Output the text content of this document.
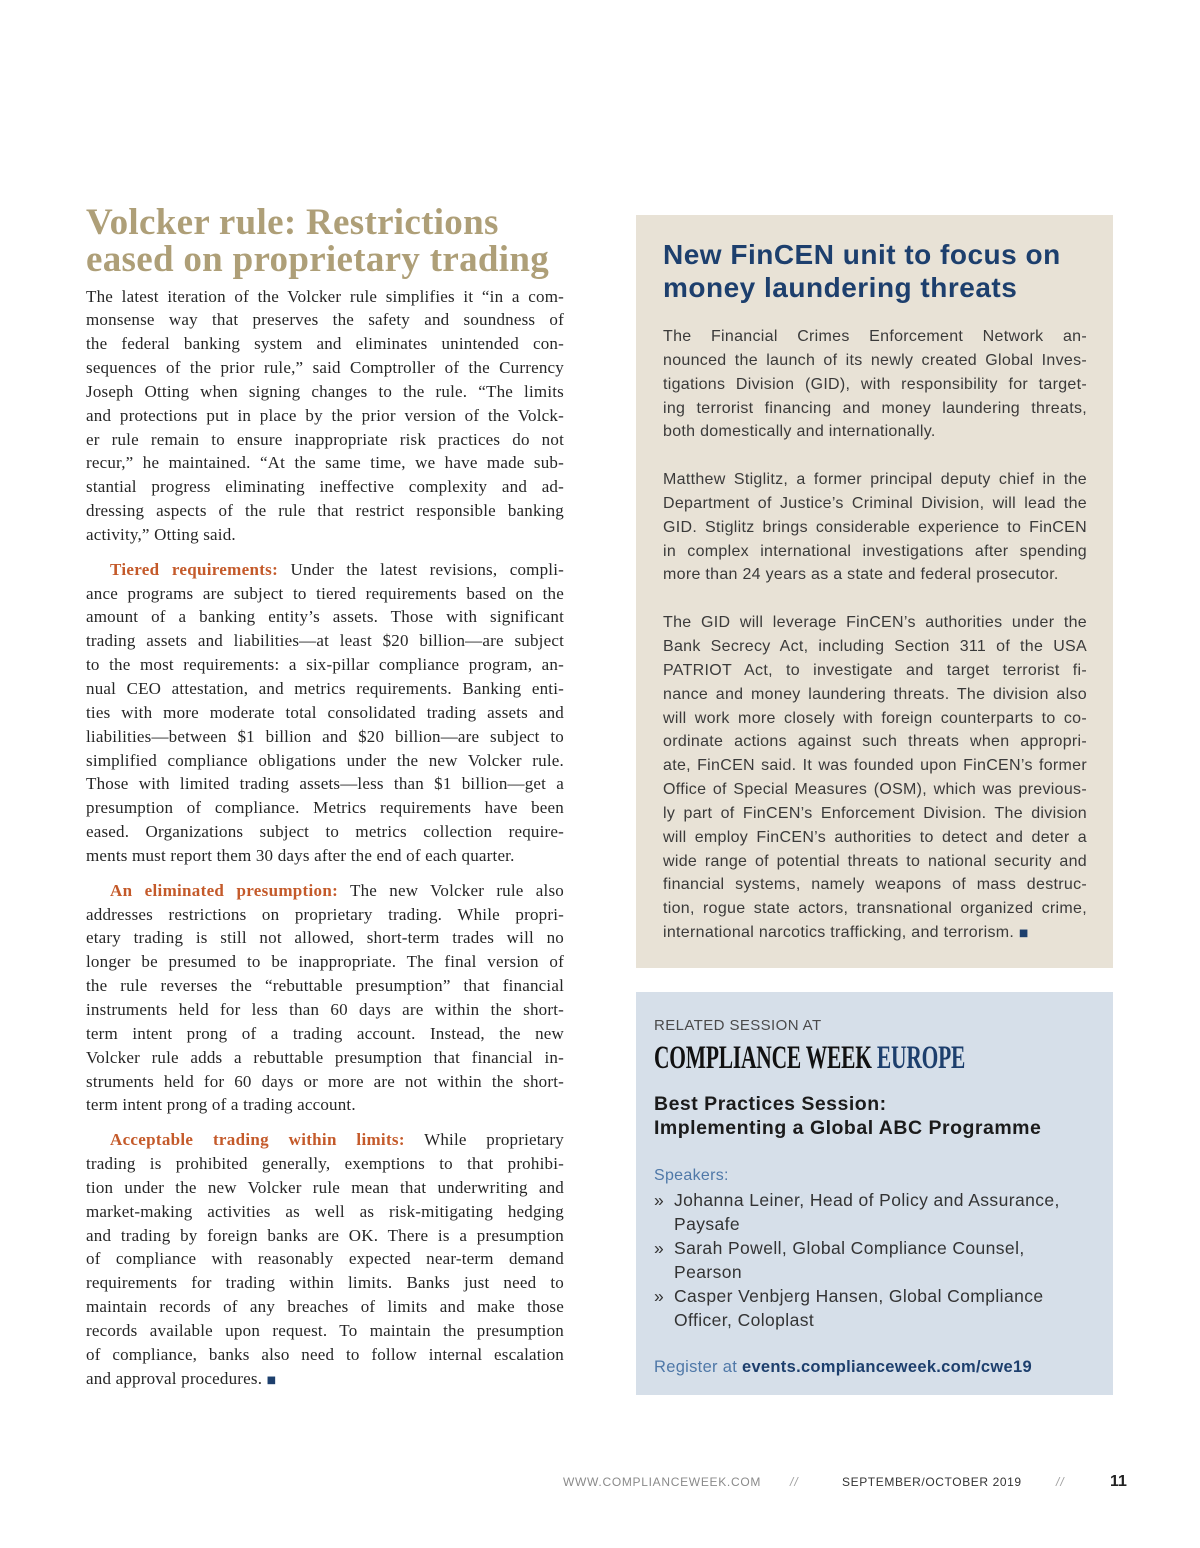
Volcker rule: Restrictions
eased on proprietary trading
The latest iteration of the Volcker rule simplifies it “in a com-
monsense way that preserves the safety and soundness of
the federal banking system and eliminates unintended con-
sequences of the prior rule,” said Comptroller of the Currency
Joseph Otting when signing changes to the rule. “The limits
and protections put in place by the prior version of the Volck-
er rule remain to ensure inappropriate risk practices do not
recur,” he maintained. “At the same time, we have made sub-
stantial progress eliminating ineffective complexity and ad-
dressing aspects of the rule that restrict responsible banking
activity,” Otting said.
Tiered requirements: Under the latest revisions, compli-
ance programs are subject to tiered requirements based on the
amount of a banking entity’s assets. Those with significant
trading assets and liabilities—at least $20 billion—are subject
to the most requirements: a six-pillar compliance program, an-
nual CEO attestation, and metrics requirements. Banking enti-
ties with more moderate total consolidated trading assets and
liabilities—between $1 billion and $20 billion—are subject to
simplified compliance obligations under the new Volcker rule.
Those with limited trading assets—less than $1 billion—get a
presumption of compliance. Metrics requirements have been
eased. Organizations subject to metrics collection require-
ments must report them 30 days after the end of each quarter.
An eliminated presumption: The new Volcker rule also
addresses restrictions on proprietary trading. While propri-
etary trading is still not allowed, short-term trades will no
longer be presumed to be inappropriate. The final version of
the rule reverses the “rebuttable presumption” that financial
instruments held for less than 60 days are within the short-
term intent prong of a trading account. Instead, the new
Volcker rule adds a rebuttable presumption that financial in-
struments held for 60 days or more are not within the short-
term intent prong of a trading account.
Acceptable trading within limits: While proprietary
trading is prohibited generally, exemptions to that prohibi-
tion under the new Volcker rule mean that underwriting and
market-making activities as well as risk-mitigating hedging
and trading by foreign banks are OK. There is a presumption
of compliance with reasonably expected near-term demand
requirements for trading within limits. Banks just need to
maintain records of any breaches of limits and make those
records available upon request. To maintain the presumption
of compliance, banks also need to follow internal escalation
and approval procedures. ■
New FinCEN unit to focus on
money laundering threats
The Financial Crimes Enforcement Network an-
nounced the launch of its newly created Global Inves-
tigations Division (GID), with responsibility for target-
ing terrorist financing and money laundering threats,
both domestically and internationally.
Matthew Stiglitz, a former principal deputy chief in the
Department of Justice’s Criminal Division, will lead the
GID. Stiglitz brings considerable experience to FinCEN
in complex international investigations after spending
more than 24 years as a state and federal prosecutor.
The GID will leverage FinCEN’s authorities under the
Bank Secrecy Act, including Section 311 of the USA
PATRIOT Act, to investigate and target terrorist fi-
nance and money laundering threats. The division also
will work more closely with foreign counterparts to co-
ordinate actions against such threats when appropri-
ate, FinCEN said. It was founded upon FinCEN’s former
Office of Special Measures (OSM), which was previous-
ly part of FinCEN’s Enforcement Division. The division
will employ FinCEN’s authorities to detect and deter a
wide range of potential threats to national security and
financial systems, namely weapons of mass destruc-
tion, rogue state actors, transnational organized crime,
international narcotics trafficking, and terrorism. ■
RELATED SESSION AT
COMPLIANCE WEEK EUROPE
Best Practices Session:
Implementing a Global ABC Programme
Speakers:
» Johanna Leiner, Head of Policy and Assurance,
Paysafe
» Sarah Powell, Global Compliance Counsel,
Pearson
» Casper Venbjerg Hansen, Global Compliance
Officer, Coloplast
Register at events.complianceweek.com/cwe19
WWW.COMPLIANCEWEEK.COM //	SEPTEMBER/OCTOBER 2019	//	11
